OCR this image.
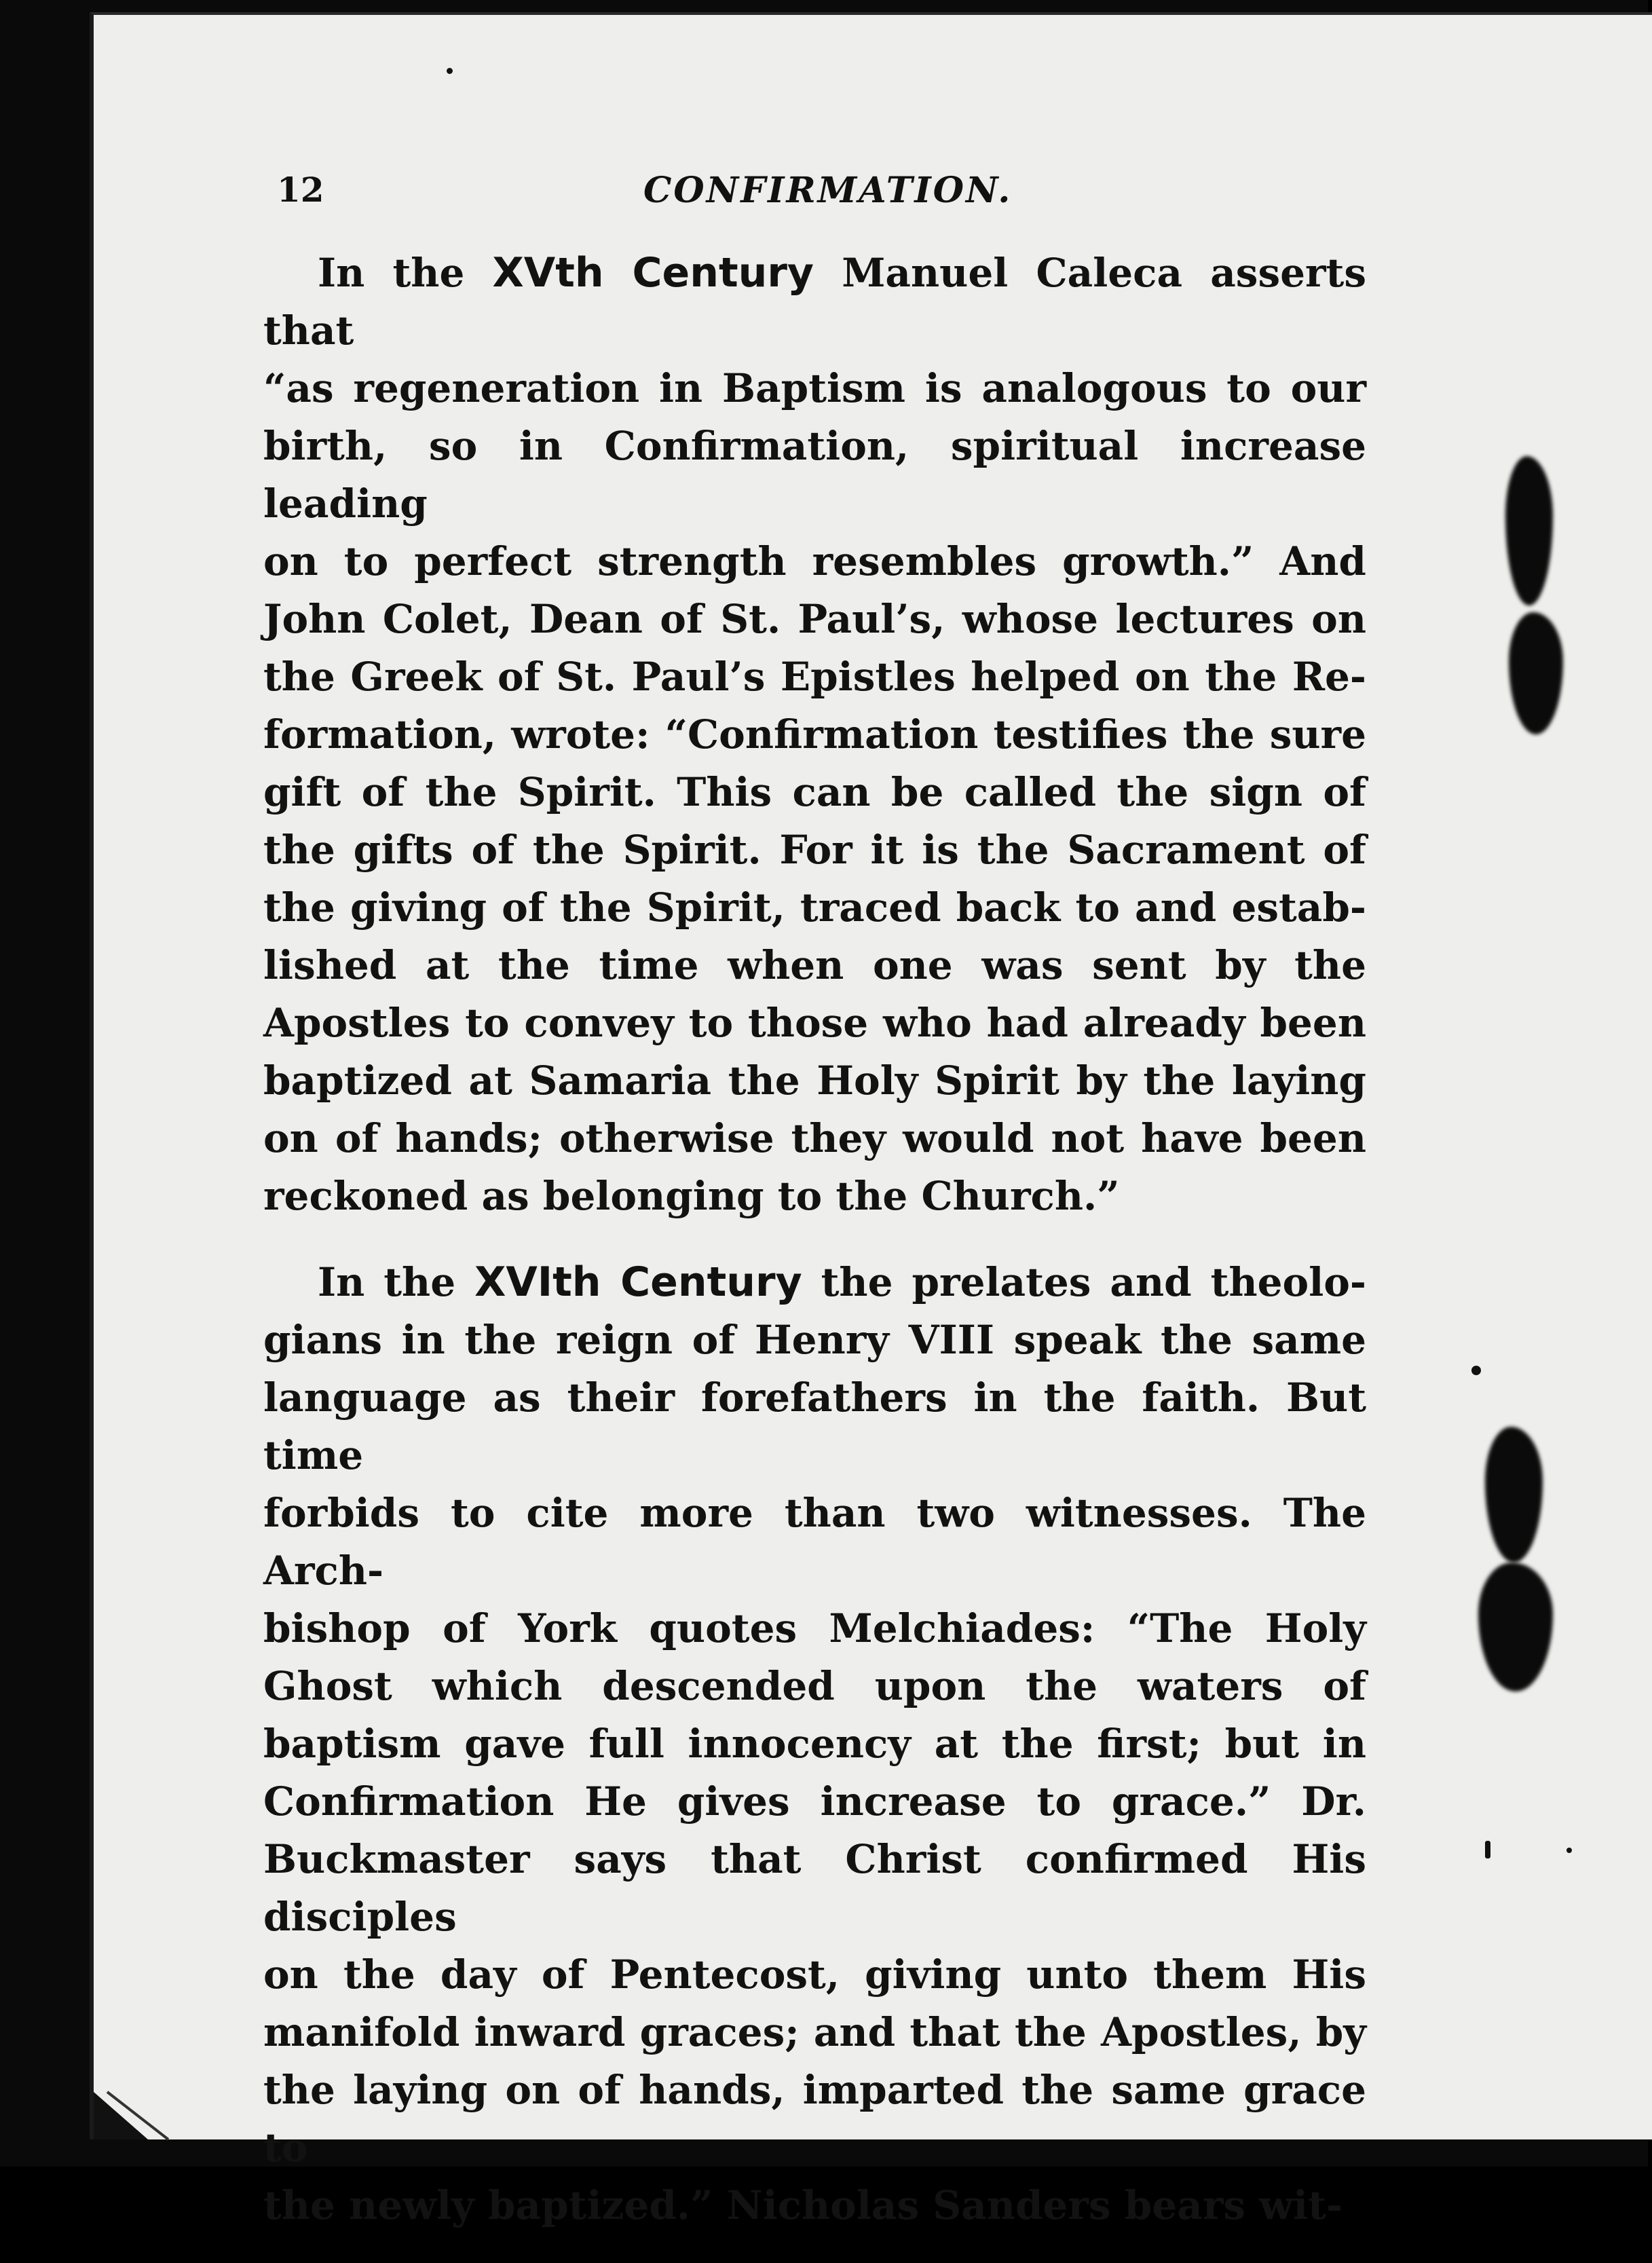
12	CONFIRMATION.
In the XVth Century Manuel Caleca asserts that
“as regeneration in Baptism is analogous to our
birth, so in Confirmation, spiritual increase leading
on to perfect strength resembles growth.” And
John Colet, Dean of St. Paul’s, whose lectures on
the Greek of St. Paul’s Epistles helped on the Re-
formation, wrote: “Confirmation testifies the sure
gift of the Spirit. This can be called the sign of
the gifts of the Spirit. For it is the Sacrament of
the giving of the Spirit, traced back to and estab-
lished at the time when one was sent by the
Apostles to convey to those who had already been
baptized at Samaria the Holy Spirit by the laying
on of hands; otherwise they would not have been
reckoned as belonging to the Church.”
In the XVIth Century the prelates and theolo-
gians in the reign of Henry VIII speak the same
language as their forefathers in the faith. But time
forbids to cite more than two witnesses. The Arch-
bishop of York quotes Melchiades: “The Holy
Ghost which descended upon the waters of
baptism gave full innocency at the first; but in
Confirmation He gives increase to grace.” Dr.
Buckmaster says that Christ confirmed His disciples
on the day of Pentecost, giving unto them His
manifold inward graces; and that the Apostles, by
the laying on of hands, imparted the same grace to
the newly baptized.” Nicholas Sanders bears wit-
